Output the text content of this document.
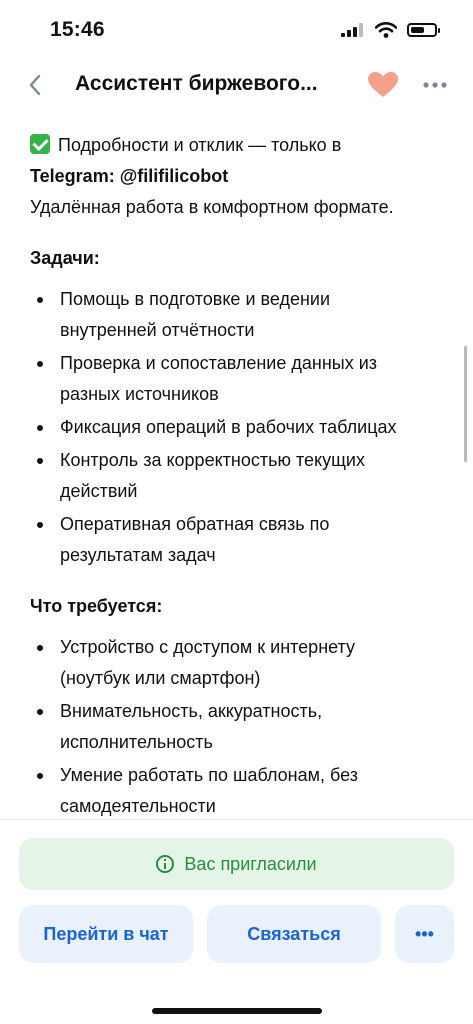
15:46
Ассистент биржевого...

Подробности и отклик — только в

Telegram: @filifilicobot

Удалённая работа в комфортном формате.

Задачи:

Помощь в подготовке и ведении
внутренней отчётности
Проверка и сопоставление данных из
разных источников
Фиксация операций в рабочих таблицах
Контроль за корректностью текущих
действий
Оперативная обратная связь по
результатам задач

Что требуется:

Устройство с доступом к интернету
(ноутбук или смартфон)
Внимательность, аккуратность,
исполнительность
Умение работать по шаблонам, без
самодеятельности
Вас пригласили
Перейти в чат	Связаться	•••
